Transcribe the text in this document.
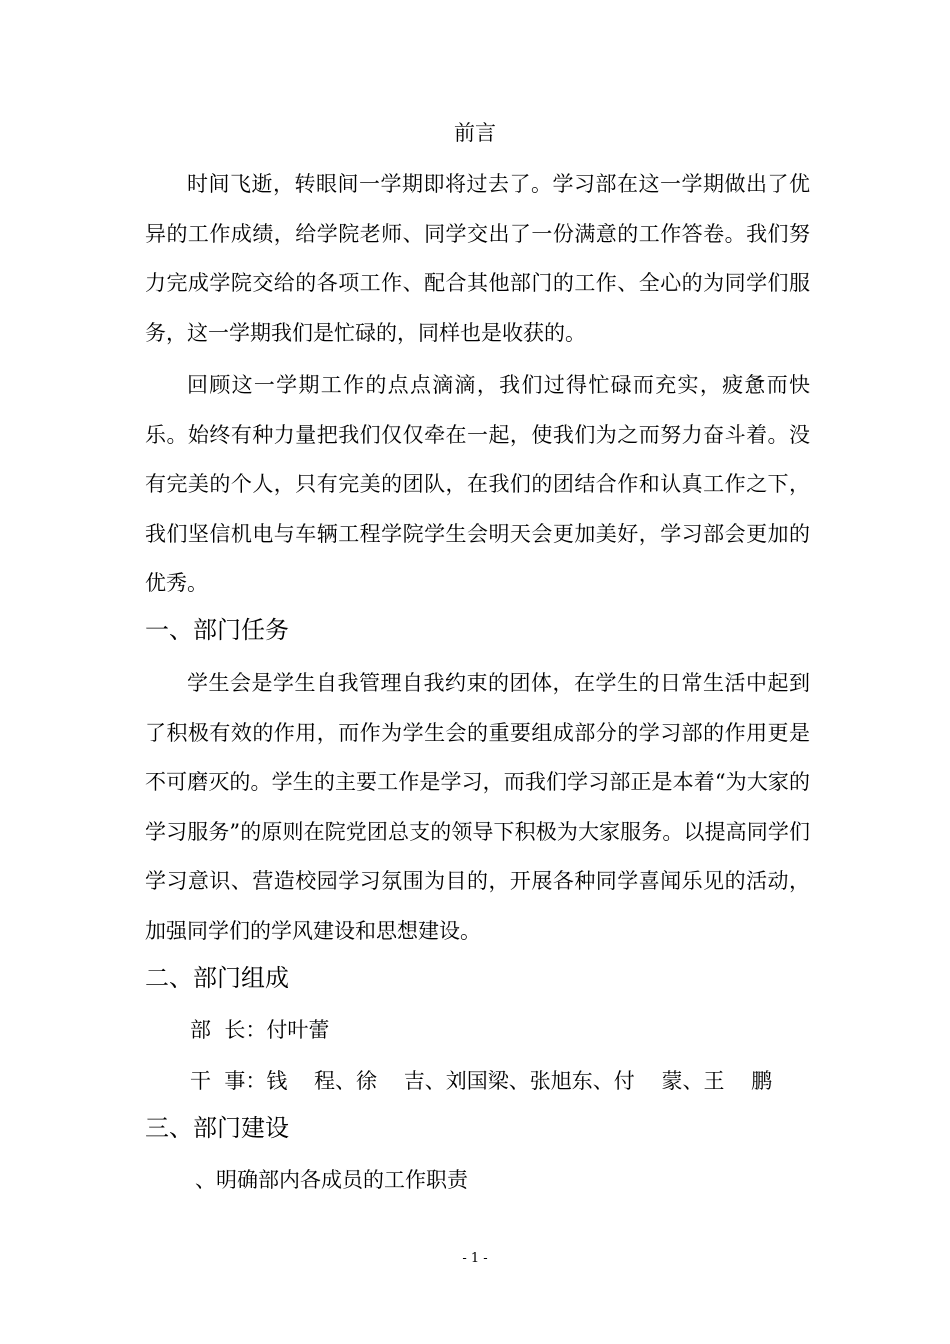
前言

时间飞逝，转眼间一学期即将过去了。学习部在这一学期做出了优异的工作成绩，给学院老师、同学交出了一份满意的工作答卷。我们努力完成学院交给的各项工作、配合其他部门的工作、全心的为同学们服务，这一学期我们是忙碌的，同样也是收获的。

回顾这一学期工作的点点滴滴，我们过得忙碌而充实，疲惫而快乐。始终有种力量把我们仅仅牵在一起，使我们为之而努力奋斗着。没有完美的个人，只有完美的团队，在我们的团结合作和认真工作之下，我们坚信机电与车辆工程学院学生会明天会更加美好，学习部会更加的优秀。

一、部门任务

学生会是学生自我管理自我约束的团体，在学生的日常生活中起到了积极有效的作用，而作为学生会的重要组成部分的学习部的作用更是不可磨灭的。学生的主要工作是学习，而我们学习部正是本着“为大家的学习服务”的原则在院党团总支的领导下积极为大家服务。以提高同学们学习意识、营造校园学习氛围为目的，开展各种同学喜闻乐见的活动，加强同学们的学风建设和思想建设。

二、部门组成
部  长：付叶蕾
干  事：钱    程、徐    吉、刘国梁、张旭东、付    蒙、王    鹏
三、部门建设
、明确部内各成员的工作职责
- 1 -
